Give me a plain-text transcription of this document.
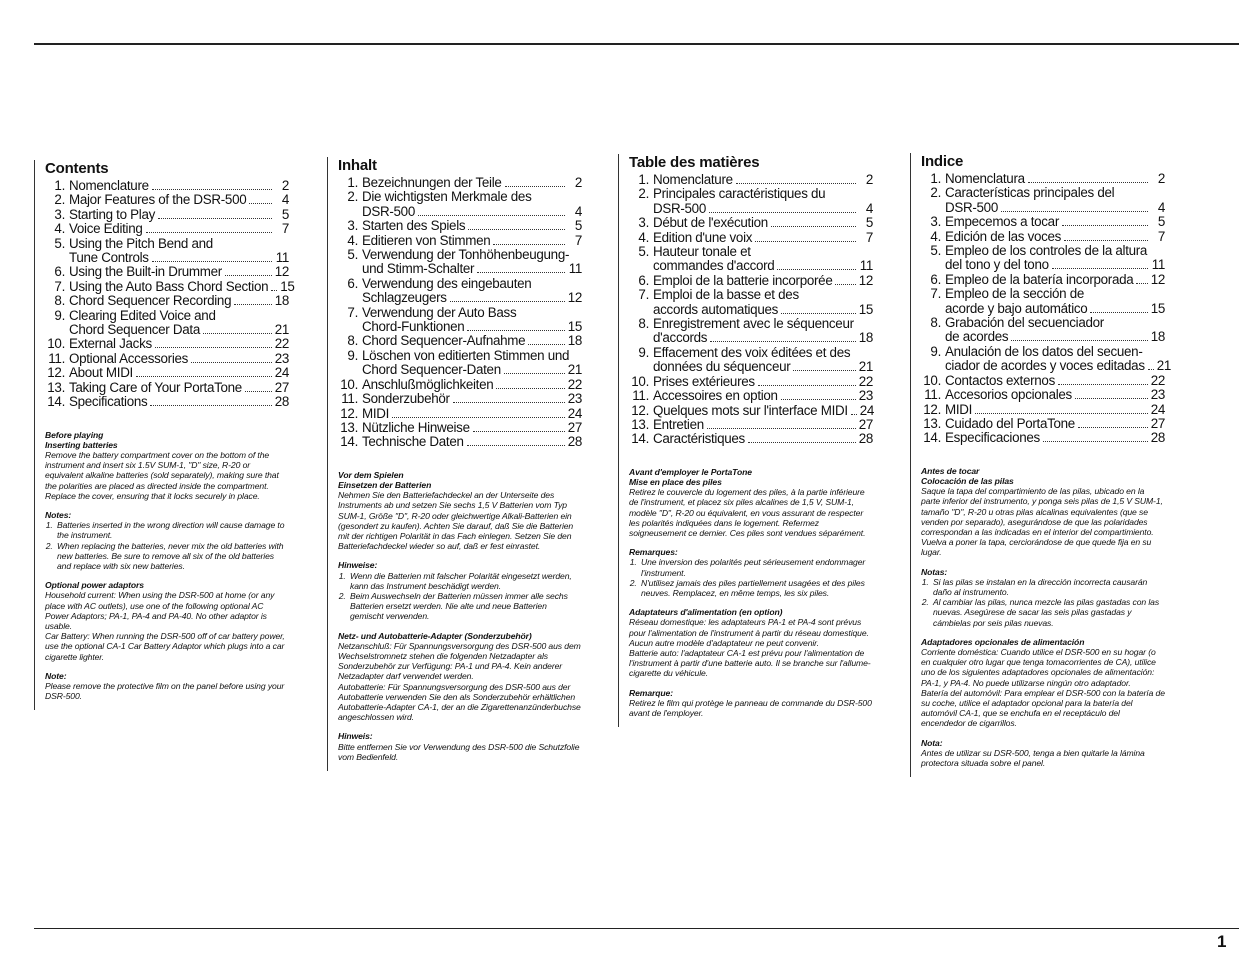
Contents
1. Nomenclature	2
2. Major Features of the DSR-500	4
3. Starting to Play	5
4. Voice Editing	7
5. Using the Pitch Bend and
Tune Controls	11
6. Using the Built-in Drummer	12
7. Using the Auto Bass Chord Section 15
8. Chord Sequencer Recording	18
9. Clearing Edited Voice and
Chord Sequencer Data	21
10. External Jacks	22
11. Optional Accessories	23
12. About MIDI	24
13. Taking Care of Your PortaTone 27
14. Specifications	28
Before playing
Inserting batteries

Remove the battery compartment cover on the bottom of the instrument and insert six 1.5V SUM-1, "D" size, R-20 or equivalent alkaline batteries (sold separately), making sure that the polarities are placed as directed inside the compartment. Replace the cover, ensuring that it locks securely in place.

Notes:
1. Batteries inserted in the wrong direction will cause damage to the instrument.
2. When replacing the batteries, never mix the old batteries with new batteries. Be sure to remove all six of the old batteries and replace with six new batteries.
Optional power adaptors

Household current: When using the DSR-500 at home (or any place with AC outlets), use one of the following optional AC Power Adaptors; PA-1, PA-4 and PA-40. No other adaptor is usable.
Car Battery: When running the DSR-500 off of car battery power, use the optional CA-1 Car Battery Adaptor which plugs into a car cigarette lighter.

Note:

Please remove the protective film on the panel before using your DSR-500.

Inhalt
1. Bezeichnungen der Teile	2
2. Die wichtigsten Merkmale des
DSR-500	4
3. Starten des Spiels	5
4. Editieren von Stimmen	7
5. Verwendung der Tonhöhenbeugung-
und Stimm-Schalter	11
6. Verwendung des eingebauten
Schlagzeugers	12
7. Verwendung der Auto Bass
Chord-Funktionen	15
8. Chord Sequencer-Aufnahme	18
9. Löschen von editierten Stimmen und
Chord Sequencer-Daten	21
10. Anschlußmöglichkeiten	22
11. Sonderzubehör	23
12. MIDI	24
13. Nützliche Hinweise	27
14. Technische Daten	28
Vor dem Spielen
Einsetzen der Batterien

Nehmen Sie den Batteriefachdeckel an der Unterseite des Instruments ab und setzen Sie sechs 1,5 V Batterien vom Typ SUM-1, Größe "D", R-20 oder gleichwertige Alkali-Batterien ein (gesondert zu kaufen). Achten Sie darauf, daß Sie die Batterien mit der richtigen Polarität in das Fach einlegen. Setzen Sie den Batteriefachdeckel wieder so auf, daß er fest einrastet.

Hinweise:
1. Wenn die Batterien mit falscher Polarität eingesetzt werden, kann das Instrument beschädigt werden.
2. Beim Auswechseln der Batterien müssen immer alle sechs Batterien ersetzt werden. Nie alte und neue Batterien gemischt verwenden.
Netz- und Autobatterie-Adapter (Sonderzubehör)

Netzanschluß: Für Spannungsversorgung des DSR-500 aus dem Wechselstromnetz stehen die folgenden Netzadapter als Sonderzubehör zur Verfügung: PA-1 und PA-4. Kein anderer Netzadapter darf verwendet werden.
Autobatterie: Für Spannungsversorgung des DSR-500 aus der Autobatterie verwenden Sie den als Sonderzubehör erhältlichen Autobatterie-Adapter CA-1, der an die Zigarettenanzünderbuchse angeschlossen wird.

Hinweis:

Bitte entfernen Sie vor Verwendung des DSR-500 die Schutzfolie vom Bedienfeld.

Table des matières
1. Nomenclature	2
2. Principales caractéristiques du
DSR-500	4
3. Début de l'exécution	5
4. Edition d'une voix	7
5. Hauteur tonale et
commandes d'accord	11
6. Emploi de la batterie incorporée 12
7. Emploi de la basse et des
accords automatiques	15
8. Enregistrement avec le séquenceur
d'accords	18
9. Effacement des voix éditées et des
données du séquenceur	21
10. Prises extérieures	22
11. Accessoires en option	23
12. Quelques mots sur l'interface MIDI 24
13. Entretien	27
14. Caractéristiques	28
Avant d'employer le PortaTone
Mise en place des piles

Retirez le couvercle du logement des piles, à la partie inférieure de l'instrument, et placez six piles alcalines de 1,5 V, SUM-1, modèle "D", R-20 ou équivalent, en vous assurant de respecter les polarités indiquées dans le logement. Refermez soigneusement ce dernier. Ces piles sont vendues séparément.

Remarques:
1. Une inversion des polarités peut sérieusement endommager l'instrument.
2. N'utilisez jamais des piles partiellement usagées et des piles neuves. Remplacez, en même temps, les six piles.
Adaptateurs d'alimentation (en option)

Réseau domestique: les adaptateurs PA-1 et PA-4 sont prévus pour l'alimentation de l'instrument à partir du réseau domestique. Aucun autre modèle d'adaptateur ne peut convenir.
Batterie auto: l'adaptateur CA-1 est prévu pour l'alimentation de l'instrument à partir d'une batterie auto. Il se branche sur l'allume-cigarette du véhicule.

Remarque:

Retirez le film qui protège le panneau de commande du DSR-500 avant de l'employer.

Indice
1. Nomenclatura	2
2. Características principales del
DSR-500	4
3. Empecemos a tocar	5
4. Edición de las voces	7
5. Empleo de los controles de la altura
del tono y del tono	11
6. Empleo de la batería incorporada 12
7. Empleo de la sección de
acorde y bajo automático	15
8. Grabación del secuenciador
de acordes	18
9. Anulación de los datos del secuen-
ciador de acordes y voces editadas 21
10. Contactos externos	22
11. Accesorios opcionales	23
12. MIDI	24
13. Cuidado del PortaTone	27
14. Especificaciones	28
Antes de tocar
Colocación de las pilas

Saque la tapa del compartimiento de las pilas, ubicado en la parte inferior del instrumento, y ponga seis pilas de 1,5 V SUM-1, tamaño "D", R-20 u otras pilas alcalinas equivalentes (que se venden por separado), asegurándose de que las polaridades correspondan a las indicadas en el interior del compartimiento. Vuelva a poner la tapa, cerciorándose de que quede fija en su lugar.

Notas:
1. Si las pilas se instalan en la dirección incorrecta causarán daño al instrumento.
2. Al cambiar las pilas, nunca mezcle las pilas gastadas con las nuevas. Asegúrese de sacar las seis pilas gastadas y cámbielas por seis pilas nuevas.
Adaptadores opcionales de alimentación

Corriente doméstica: Cuando utilice el DSR-500 en su hogar (o en cualquier otro lugar que tenga tomacorrientes de CA), utilice uno de los siguientes adaptadores opcionales de alimentación: PA-1, y PA-4. No puede utilizarse ningún otro adaptador.
Batería del automóvil: Para emplear el DSR-500 con la batería de su coche, utilice el adaptador opcional para la batería del automóvil CA-1, que se enchufa en el receptáculo del encendedor de cigarrillos.

Nota:

Antes de utilizar su DSR-500, tenga a bien quitarle la lámina protectora situada sobre el panel.

1
